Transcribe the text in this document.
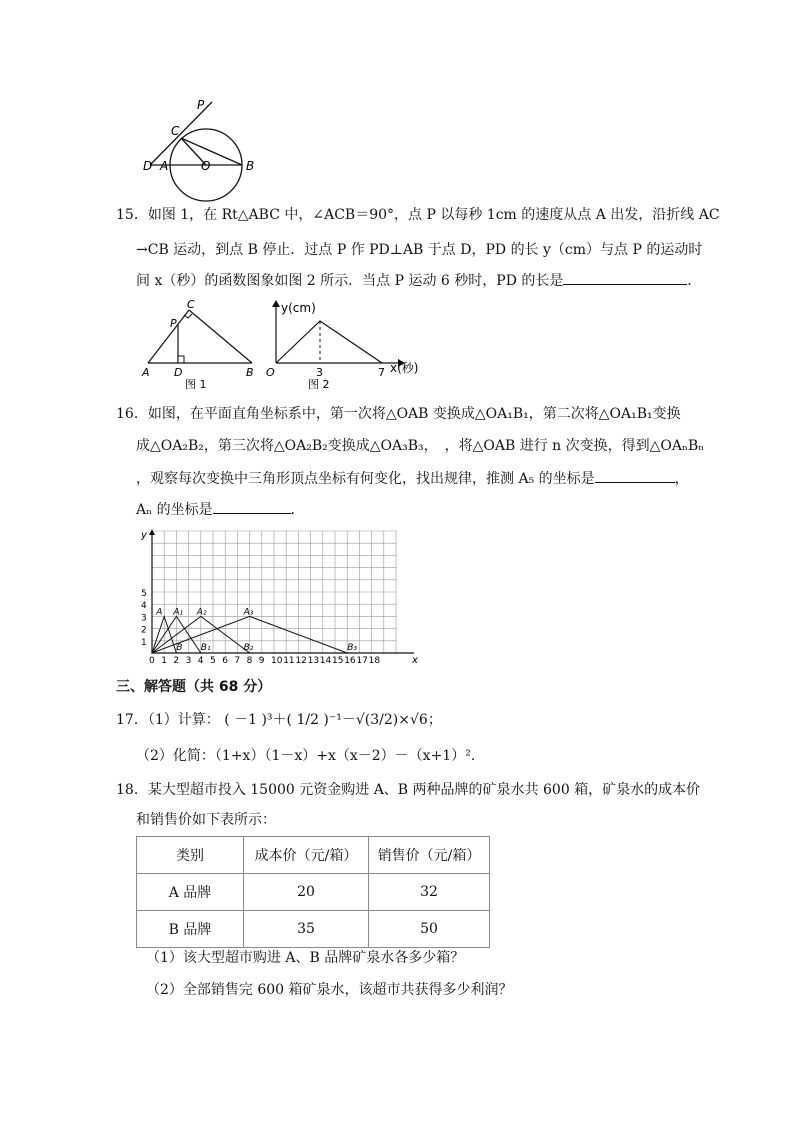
P
C
D A	O	B
15．如图 1，在 Rt△ABC 中，∠ACB＝90°，点 P 以每秒 1cm 的速度从点 A 出发，沿折线 AC
→CB 运动，到点 B 停止．过点 P 作 PD⊥AB 于点 D，PD 的长 y（cm）与点 P 的运动时
间 x（秒）的函数图象如图 2 所示．当点 P 运动 6 秒时，PD 的长是	．
C
P
A D	B
图 1
y(cm)
O	3	7 x(秒)
图 2
16．如图，在平面直角坐标系中，第一次将△OAB 变换成△OA₁B₁，第二次将△OA₁B₁变换
成△OA₂B₂，第三次将△OA₂B₂变换成△OA₃B₃，　，将△OAB 进行 n 次变换，得到△OAₙBₙ
，观察每次变换中三角形顶点坐标有何变化，找出规律，推测 A₅ 的坐标是	，
Aₙ 的坐标是	．
y
x
5
4
3
2
1
0 1 2 3 4 5 6 7 8 9 10 11 12 13 14 15 16 17 18
A A₁ A₂	A₃
B B₁	B₂	B₃
三、解答题（共 68 分）
17．（1）计算： ( －1 )³＋( 1/2 )⁻¹－√(3/2)×√6；
（2）化简：（1+x）（1－x）+x（x－2）－（x+1）².
18．某大型超市投入 15000 元资金购进 A、B 两种品牌的矿泉水共 600 箱，矿泉水的成本价
和销售价如下表所示：
类别	成本价（元/箱）	销售价（元/箱）
A 品牌	20	32
B 品牌	35	50
（1）该大型超市购进 A、B 品牌矿泉水各多少箱？
（2）全部销售完 600 箱矿泉水，该超市共获得多少利润？
